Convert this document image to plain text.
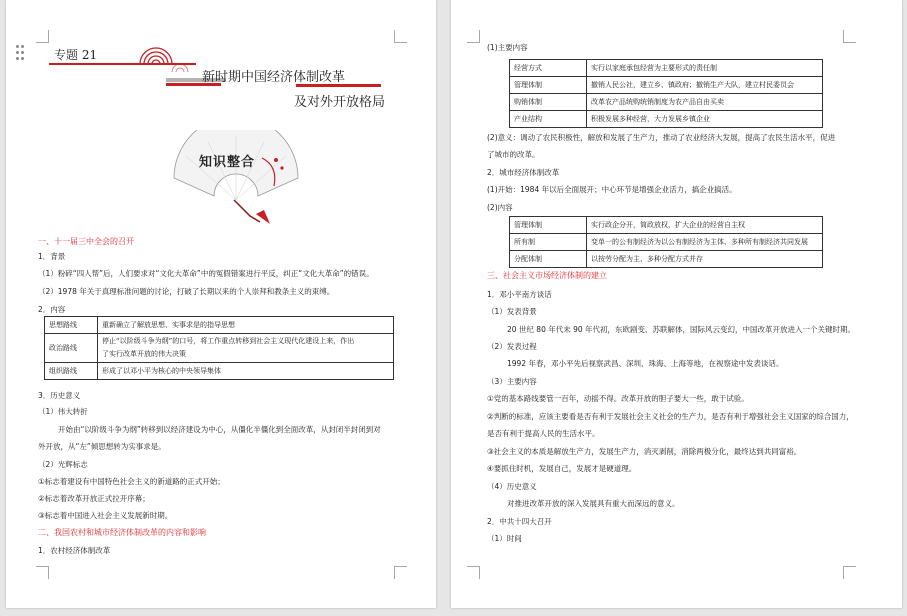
专题 21
新时期中国经济体制改革
及对外开放格局
知识整合
一、十一届三中全会的召开
1．背景
（1）粉碎“四人帮”后，人们要求对“文化大革命”中的冤假错案进行平反，纠正“文化大革命”的错误。
（2）1978 年关于真理标准问题的讨论，打破了长期以来的个人崇拜和教条主义的束缚。
2．内容
思想路线	重新确立了解放思想、实事求是的指导思想
政治路线	停止“以阶级斗争为纲”的口号，将工作重点转移到社会主义现代化建设上来，作出
了实行改革开放的伟大决策
组织路线	形成了以邓小平为核心的中央领导集体
3．历史意义
（1）伟大转折
开始由“以阶级斗争为纲”转移到以经济建设为中心，从僵化半僵化到全面改革，从封闭半封闭到对
外开放，从“左”倾思想转为实事求是。
（2）光辉标志
①标志着建设有中国特色社会主义的新道路的正式开始；
②标志着改革开放正式拉开序幕；
③标志着中国进入社会主义发展新时期。
二、我国农村和城市经济体制改革的内容和影响
1．农村经济体制改革
(1)主要内容
经营方式	实行以家庭承包经营为主要形式的责任制
管理体制	撤销人民公社，建立乡、镇政府；撤销生产大队，建立村民委员会
购销体制	改革农产品统购统销制度为农产品自由买卖
产业结构	积极发展多种经营，大力发展乡镇企业
(2)意义：调动了农民积极性，解放和发展了生产力，推动了农业经济大发展，提高了农民生活水平，促进
了城市的改革。
2．城市经济体制改革
(1)开始：1984 年以后全面展开；中心环节是增强企业活力，搞企业搞活。
(2)内容
管理体制	实行政企分开，简政放权，扩大企业的经营自主权
所有制	变单一的公有制经济为以公有制经济为主体、多种所有制经济共同发展
分配体制	以按劳分配为主、多种分配方式并存
三、社会主义市场经济体制的建立
1．邓小平南方谈话
（1）发表背景
20 世纪 80 年代末 90 年代初，东欧剧变、苏联解体，国际风云变幻，中国改革开放进入一个关键时期。
（2）发表过程
1992 年春，邓小平先后视察武昌、深圳、珠海、上海等地，在视察途中发表谈话。
（3）主要内容
①党的基本路线要管一百年，动摇不得。改革开放的胆子要大一些，敢于试验。
②判断的标准，应该主要看是否有利于发展社会主义社会的生产力，是否有利于增强社会主义国家的综合国力，
是否有利于提高人民的生活水平。
③社会主义的本质是解放生产力，发展生产力，消灭剥削，消除两极分化，最终达到共同富裕。
④要抓住时机，发展自己，发展才是硬道理。
（4）历史意义
对推进改革开放的深入发展具有重大而深远的意义。
2．中共十四大召开
（1）时间
